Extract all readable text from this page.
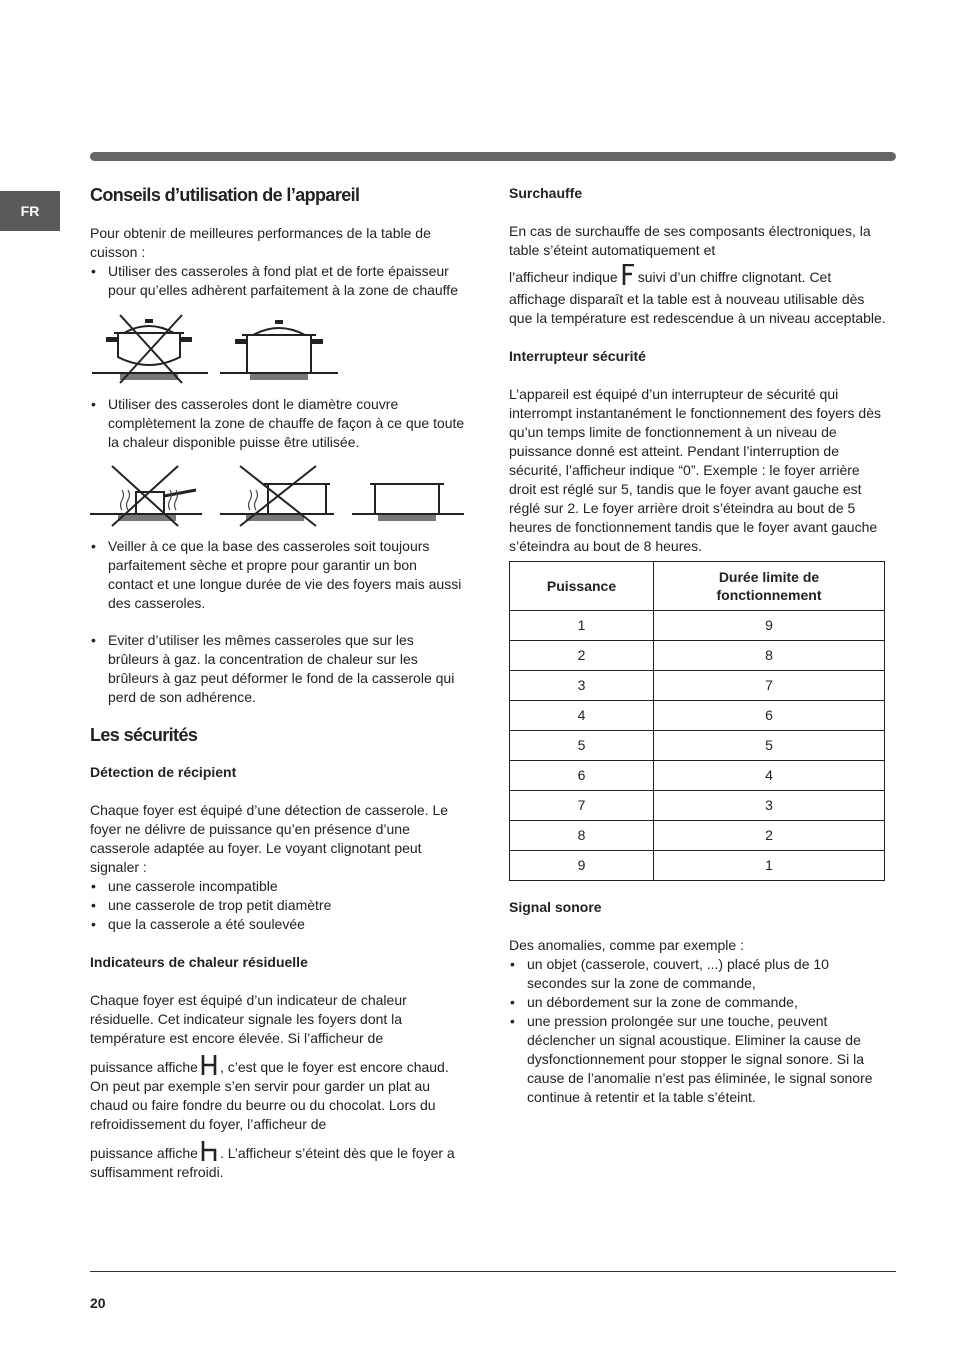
FR
Conseils d’utilisation de l’appareil

Pour obtenir de meilleures performances de la table de cuisson :

• Utiliser des casseroles à fond plat et de forte épaisseur pour qu’elles adhèrent parfaitement à la zone de chauffe
• Utiliser des casseroles dont le diamètre couvre complètement la zone de chauffe de façon à ce que toute la chaleur disponible puisse être utilisée.
• Veiller à ce que la base des casseroles soit toujours parfaitement sèche et propre pour garantir un bon contact et une longue durée de vie des foyers mais aussi des casseroles.
• Eviter d’utiliser les mêmes casseroles que sur les brûleurs à gaz. la concentration de chaleur sur les brûleurs à gaz peut déformer le fond de la casserole qui perd de son adhérence.
Les sécurités
Détection de récipient

Chaque foyer est équipé d’une détection de casserole. Le foyer ne délivre de puissance qu’en présence d’une casserole adaptée au foyer. Le voyant clignotant peut signaler :

• une casserole incompatible
• une casserole de trop petit diamètre
• que la casserole a été soulevée
Indicateurs de chaleur résiduelle

Chaque foyer est équipé d’un indicateur de chaleur résiduelle. Cet indicateur signale les foyers dont la température est encore élevée. Si l’afficheur de

puissance affiche , c’est que le foyer est encore chaud. On peut par exemple s’en servir pour garder un plat au chaud ou faire fondre du beurre ou du chocolat. Lors du refroidissement du foyer, l’afficheur de

puissance affiche . L’afficheur s’éteint dès que le foyer a suffisamment refroidi.

Surchauffe

En cas de surchauffe de ses composants électroniques, la table s’éteint automatiquement et

l’afficheur indique suivi d’un chiffre clignotant. Cet

affichage disparaît et la table est à nouveau utilisable dès que la température est redescendue à un niveau acceptable.

Interrupteur sécurité

L’appareil est équipé d’un interrupteur de sécurité qui interrompt instantanément le fonctionnement des foyers dès qu’un temps limite de fonctionnement à un niveau de puissance donné est atteint. Pendant l’interruption de sécurité, l’afficheur indique “0”. Exemple : le foyer arrière droit est réglé sur 5, tandis que le foyer avant gauche est réglé sur 2. Le foyer arrière droit s’éteindra au bout de 5 heures de fonctionnement tandis que le foyer avant gauche s’éteindra au bout de 8 heures.

Puissance	Durée limite de fonctionnement
1	9
2	8
3	7
4	6
5	5
6	4
7	3
8	2
9	1
Signal sonore

Des anomalies, comme par exemple :

• un objet (casserole, couvert, ...) placé plus de 10 secondes sur la zone de commande,
• un débordement sur la zone de commande,
• une pression prolongée sur une touche, peuvent déclencher un signal acoustique. Eliminer la cause de dysfonctionnement pour stopper le signal sonore. Si la cause de l’anomalie n’est pas éliminée, le signal sonore continue à retentir et la table s’éteint.
20
